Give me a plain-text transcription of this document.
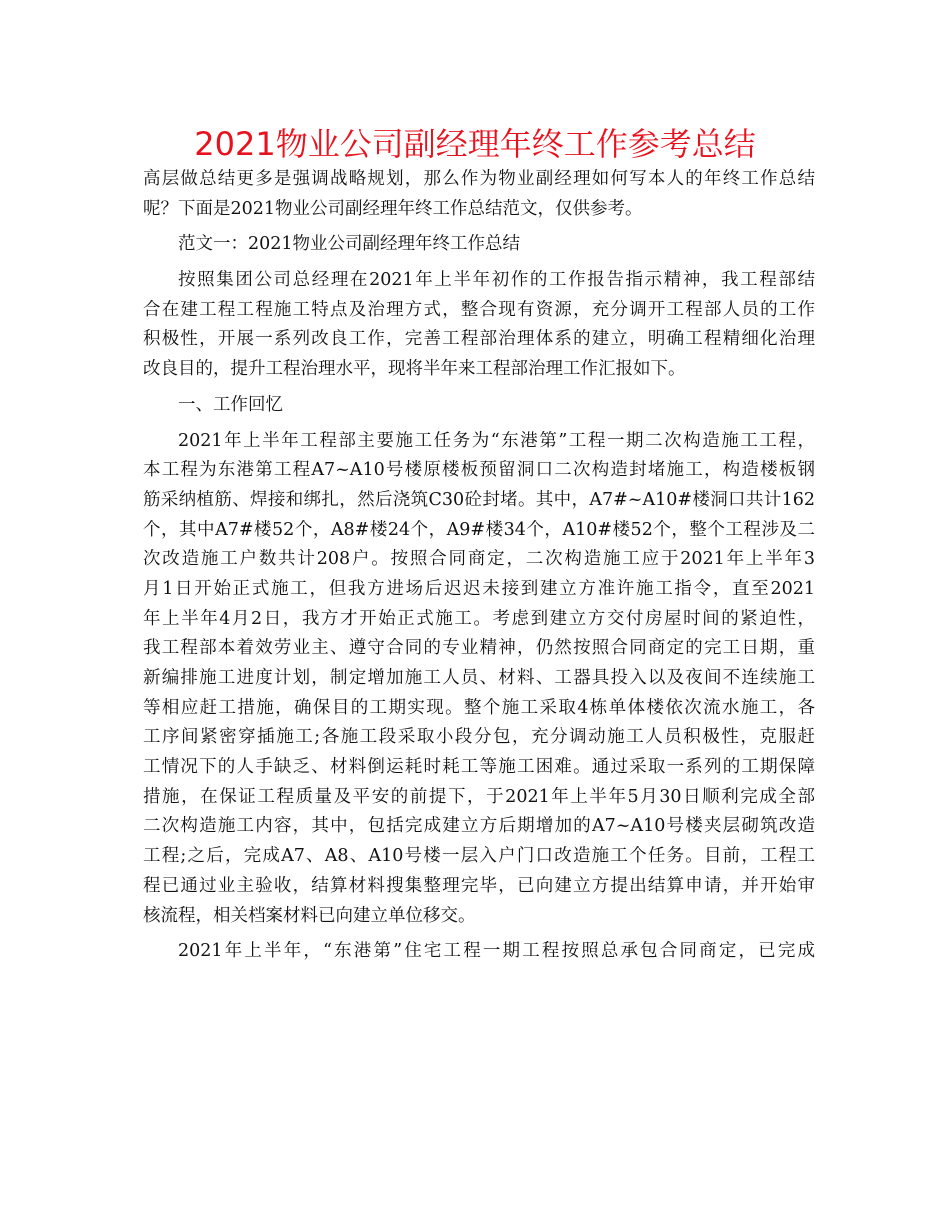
2021物业公司副经理年终工作参考总结
高层做总结更多是强调战略规划，那么作为物业副经理如何写本人的年终工作总结
呢？下面是2021物业公司副经理年终工作总结范文，仅供参考。
范文一：2021物业公司副经理年终工作总结
按照集团公司总经理在2021年上半年初作的工作报告指示精神，我工程部结
合在建工程工程施工特点及治理方式，整合现有资源，充分调开工程部人员的工作
积极性，开展一系列改良工作，完善工程部治理体系的建立，明确工程精细化治理
改良目的，提升工程治理水平，现将半年来工程部治理工作汇报如下。
一、工作回忆
2021年上半年工程部主要施工任务为“东港第”工程一期二次构造施工工程，
本工程为东港第工程A7~A10号楼原楼板预留洞口二次构造封堵施工，构造楼板钢
筋采纳植筋、焊接和绑扎，然后浇筑C30砼封堵。其中，A7#~A10#楼洞口共计162
个，其中A7#楼52个，A8#楼24个，A9#楼34个，A10#楼52个，整个工程涉及二
次改造施工户数共计208户。按照合同商定，二次构造施工应于2021年上半年3
月1日开始正式施工，但我方进场后迟迟未接到建立方准许施工指令，直至2021
年上半年4月2日，我方才开始正式施工。考虑到建立方交付房屋时间的紧迫性，
我工程部本着效劳业主、遵守合同的专业精神，仍然按照合同商定的完工日期，重
新编排施工进度计划，制定增加施工人员、材料、工器具投入以及夜间不连续施工
等相应赶工措施，确保目的工期实现。整个施工采取4栋单体楼依次流水施工，各
工序间紧密穿插施工;各施工段采取小段分包，充分调动施工人员积极性，克服赶
工情况下的人手缺乏、材料倒运耗时耗工等施工困难。通过采取一系列的工期保障
措施，在保证工程质量及平安的前提下，于2021年上半年5月30日顺利完成全部
二次构造施工内容，其中，包括完成建立方后期增加的A7~A10号楼夹层砌筑改造
工程;之后，完成A7、A8、A10号楼一层入户门口改造施工个任务。目前，工程工
程已通过业主验收，结算材料搜集整理完毕，已向建立方提出结算申请，并开始审
核流程，相关档案材料已向建立单位移交。
2021年上半年，“东港第”住宅工程一期工程按照总承包合同商定，已完成
